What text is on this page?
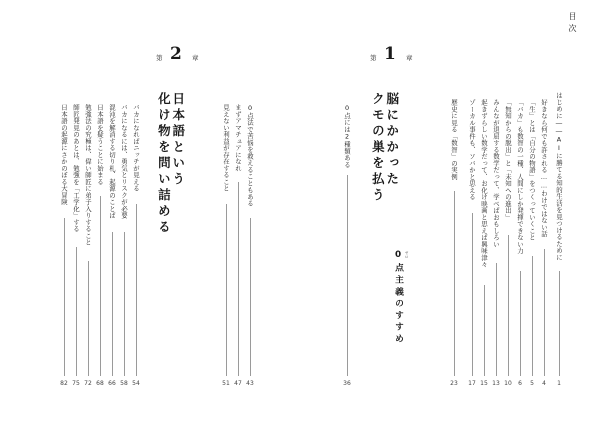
目次
はじめに――AIに勝てる知的生活を見つけるために
1
好きなら何でも許される……わけではない話
4
「生」とは「自分の物語」をつくっていくこと
5
「バカ」も数智の一種、人間にしか発揮できない力
6
「無知からの脱出」と「未知への進出」
10
みんなが退屈する数学だって、学べばおもしろい
13
起きずらしい数学だって、お化け映画と思えば興味津々
15
ゾーカル事件も、ソバかと思える
17
歴史に見る「数智」の実例
23
第 1 章
脳にかかった
クモの巣を払う
ゼロ
0点主義のすすめ
0点には2種類ある
36
第 2 章
日本語という
化け物を問い詰める	0点法で苦悩を救えることもある
43
まずアマチュアになれ
47
見えない利益が存在すること
51
バカになればニッチが見える
54
バカになるには、勇気とリスクが必要
58
混沌を解消する切り札、起源のことば
66
日本語を疑うことに始まる
68
勉強法の究極は、偉い師匠に弟子入りすること
72
師匠発見のあとは、勉強を「工学化」する
75
日本語の起源にさかのぼる大冒険
82
